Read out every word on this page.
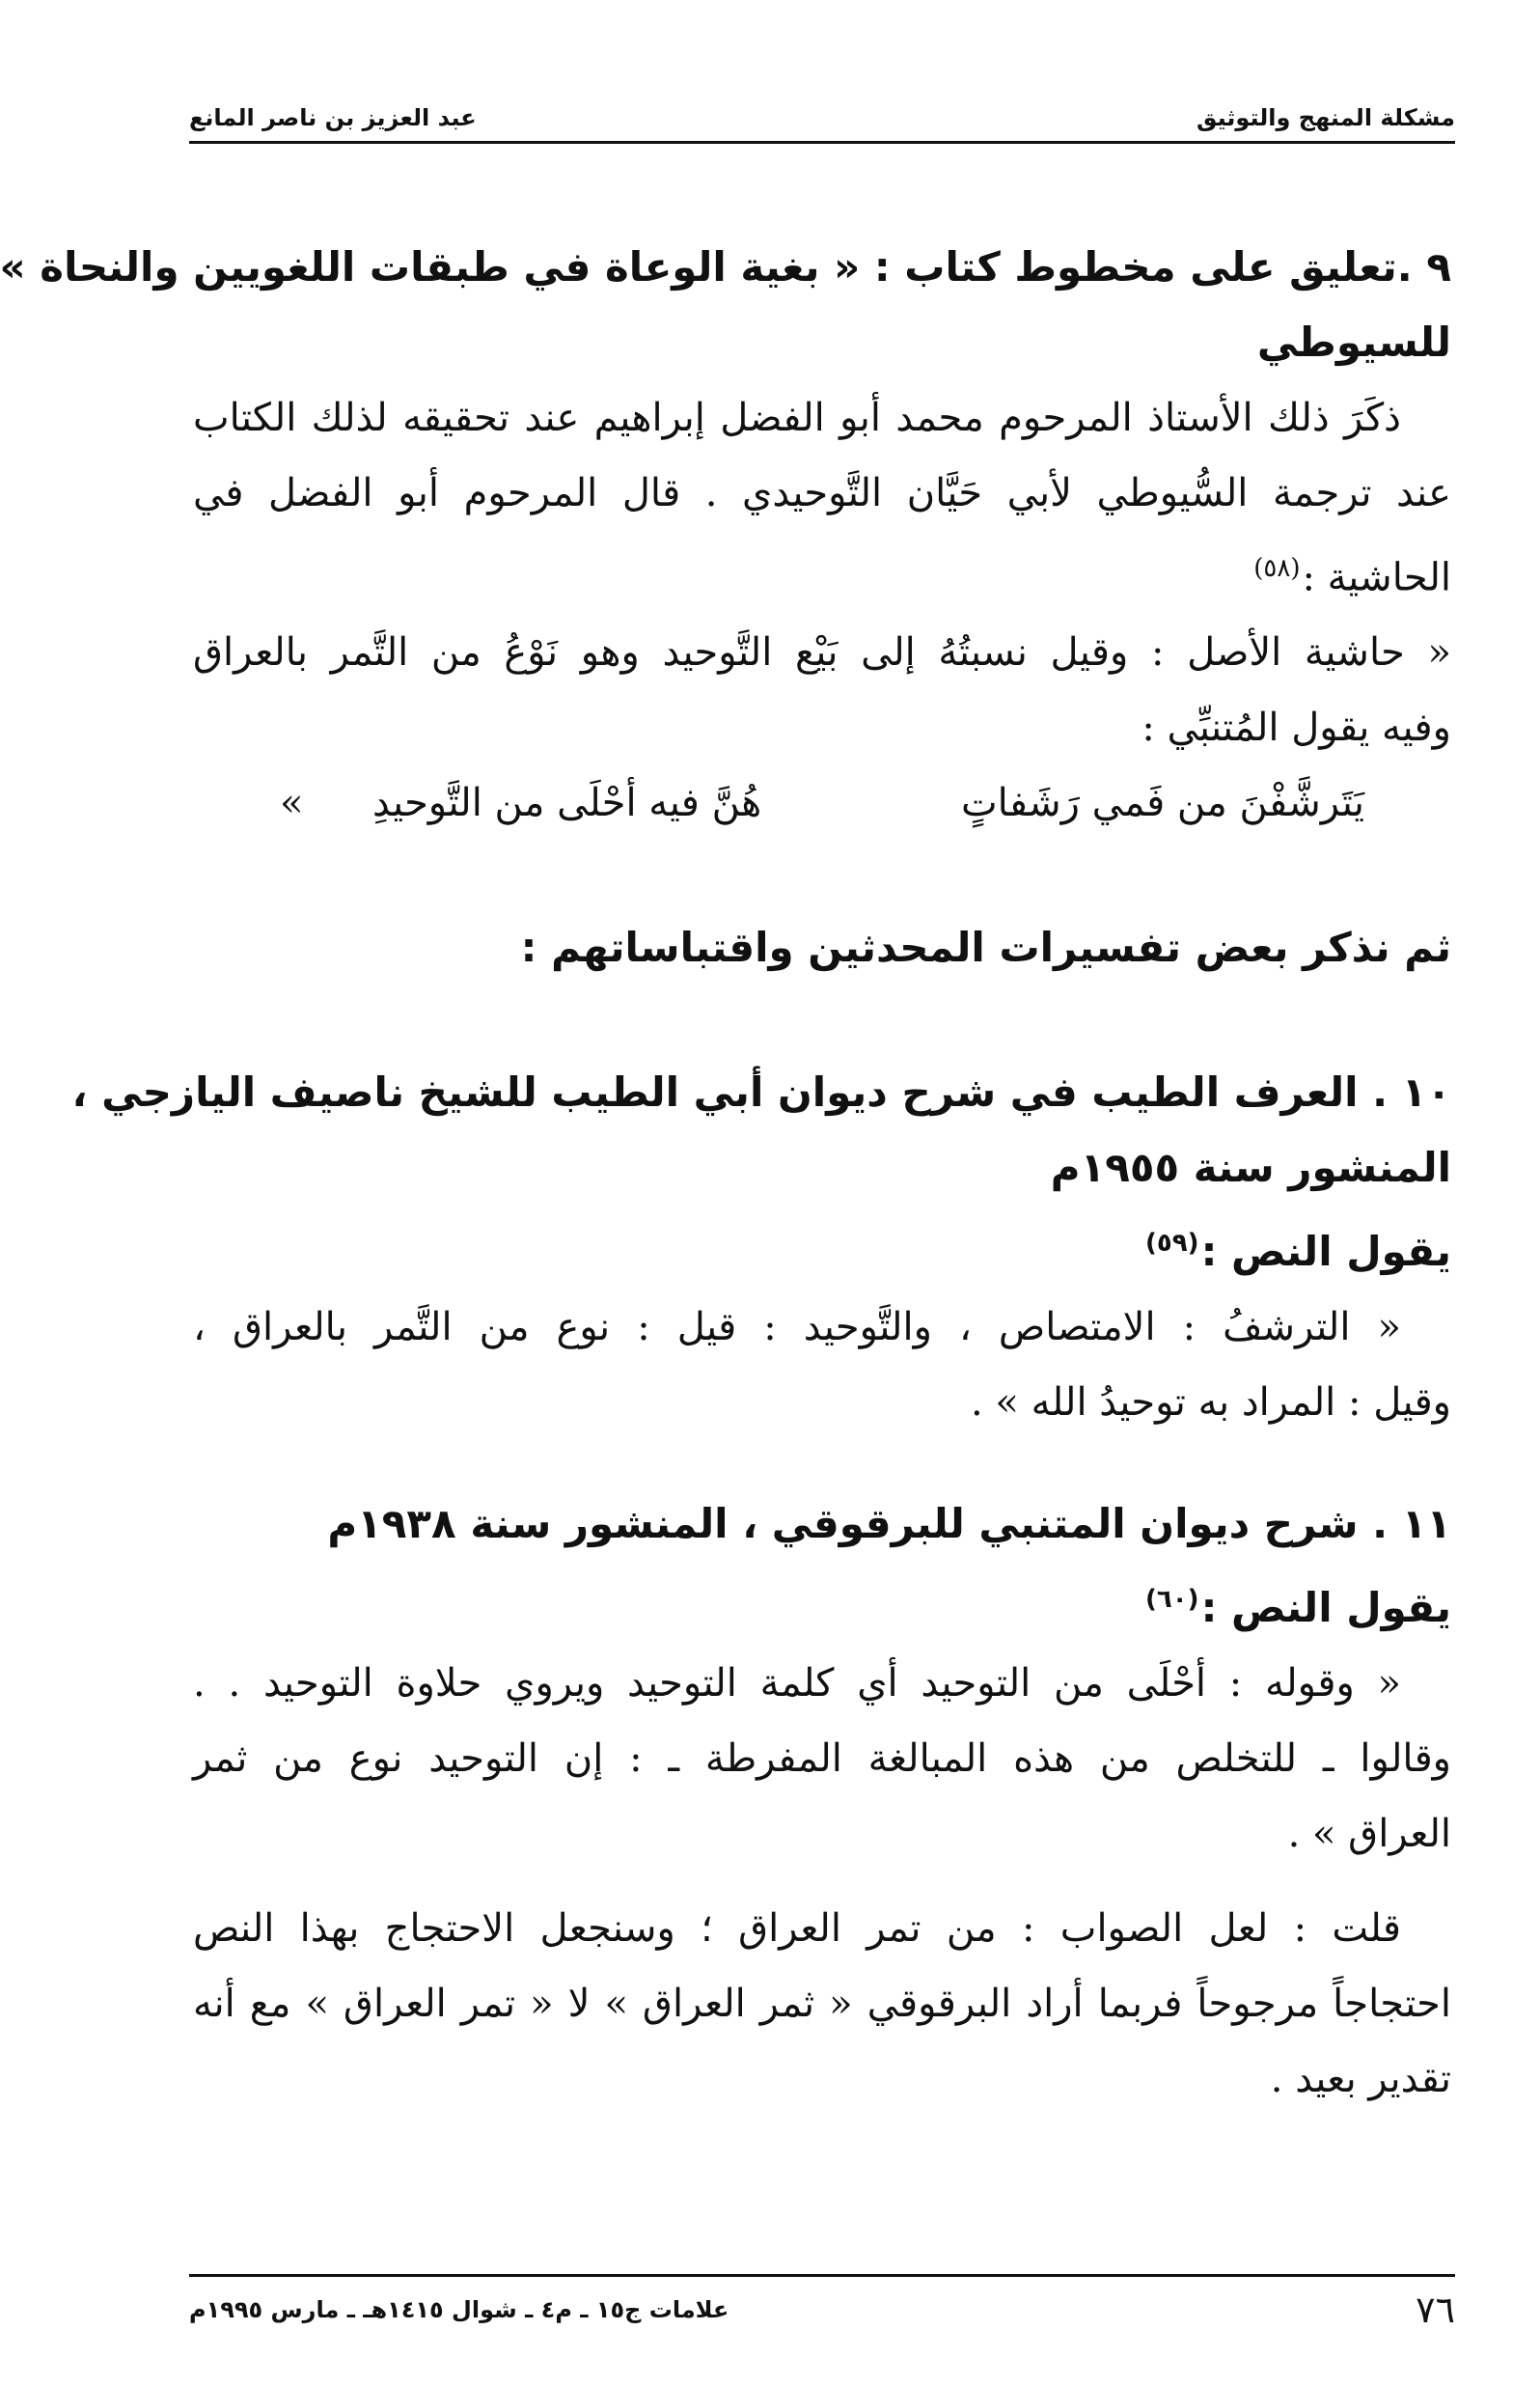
مشكلة المنهج والتوثيق
عبد العزيز بن ناصر المانع
٩ .تعليق على مخطوط كتاب : « بغية الوعاة في طبقات اللغويين والنحاة »
للسيوطي
ذكَرَ ذلك الأستاذ المرحوم محمد أبو الفضل إبراهيم عند تحقيقه لذلك الكتاب
عند ترجمة السُّيوطي لأبي حَيَّان التَّوحيدي . قال المرحوم أبو الفضل في
الحاشية :$^{(٥٨)}$
« حاشية الأصل : وقيل نسبتُهُ إلى بَيْع التَّوحيد وهو نَوْعُ من التَّمر بالعراق
وفيه يقول المُتنبِّي :
يَتَرشَّفْنَ من فَمي رَشَفاتٍ
هُنَّ فيه أحْلَى من التَّوحيدِ»
ثم نذكر بعض تفسيرات المحدثين واقتباساتهم :
١٠ . العرف الطيب في شرح ديوان أبي الطيب للشيخ ناصيف اليازجي ،
المنشور سنة ١٩٥٥م
يقول النص :$^{(٥٩)}$
« الترشفُ : الامتصاص ، والتَّوحيد : قيل : نوع من التَّمر بالعراق ،
وقيل : المراد به توحيدُ الله » .
١١ . شرح ديوان المتنبي للبرقوقي ، المنشور سنة ١٩٣٨م
يقول النص :$^{(٦٠)}$
« وقوله : أحْلَى من التوحيد أي كلمة التوحيد ويروي حلاوة التوحيد . .
وقالوا ـ للتخلص من هذه المبالغة المفرطة ـ : إن التوحيد نوع من ثمر
العراق » .
قلت : لعل الصواب : من تمر العراق ؛ وسنجعل الاحتجاج بهذا النص
احتجاجاً مرجوحاً فربما أراد البرقوقي « ثمر العراق » لا « تمر العراق » مع أنه
تقدير بعيد .
٧٦
علامات ج١٥ ـ م٤ ـ شوال ١٤١٥هـ ـ مارس ١٩٩٥م
